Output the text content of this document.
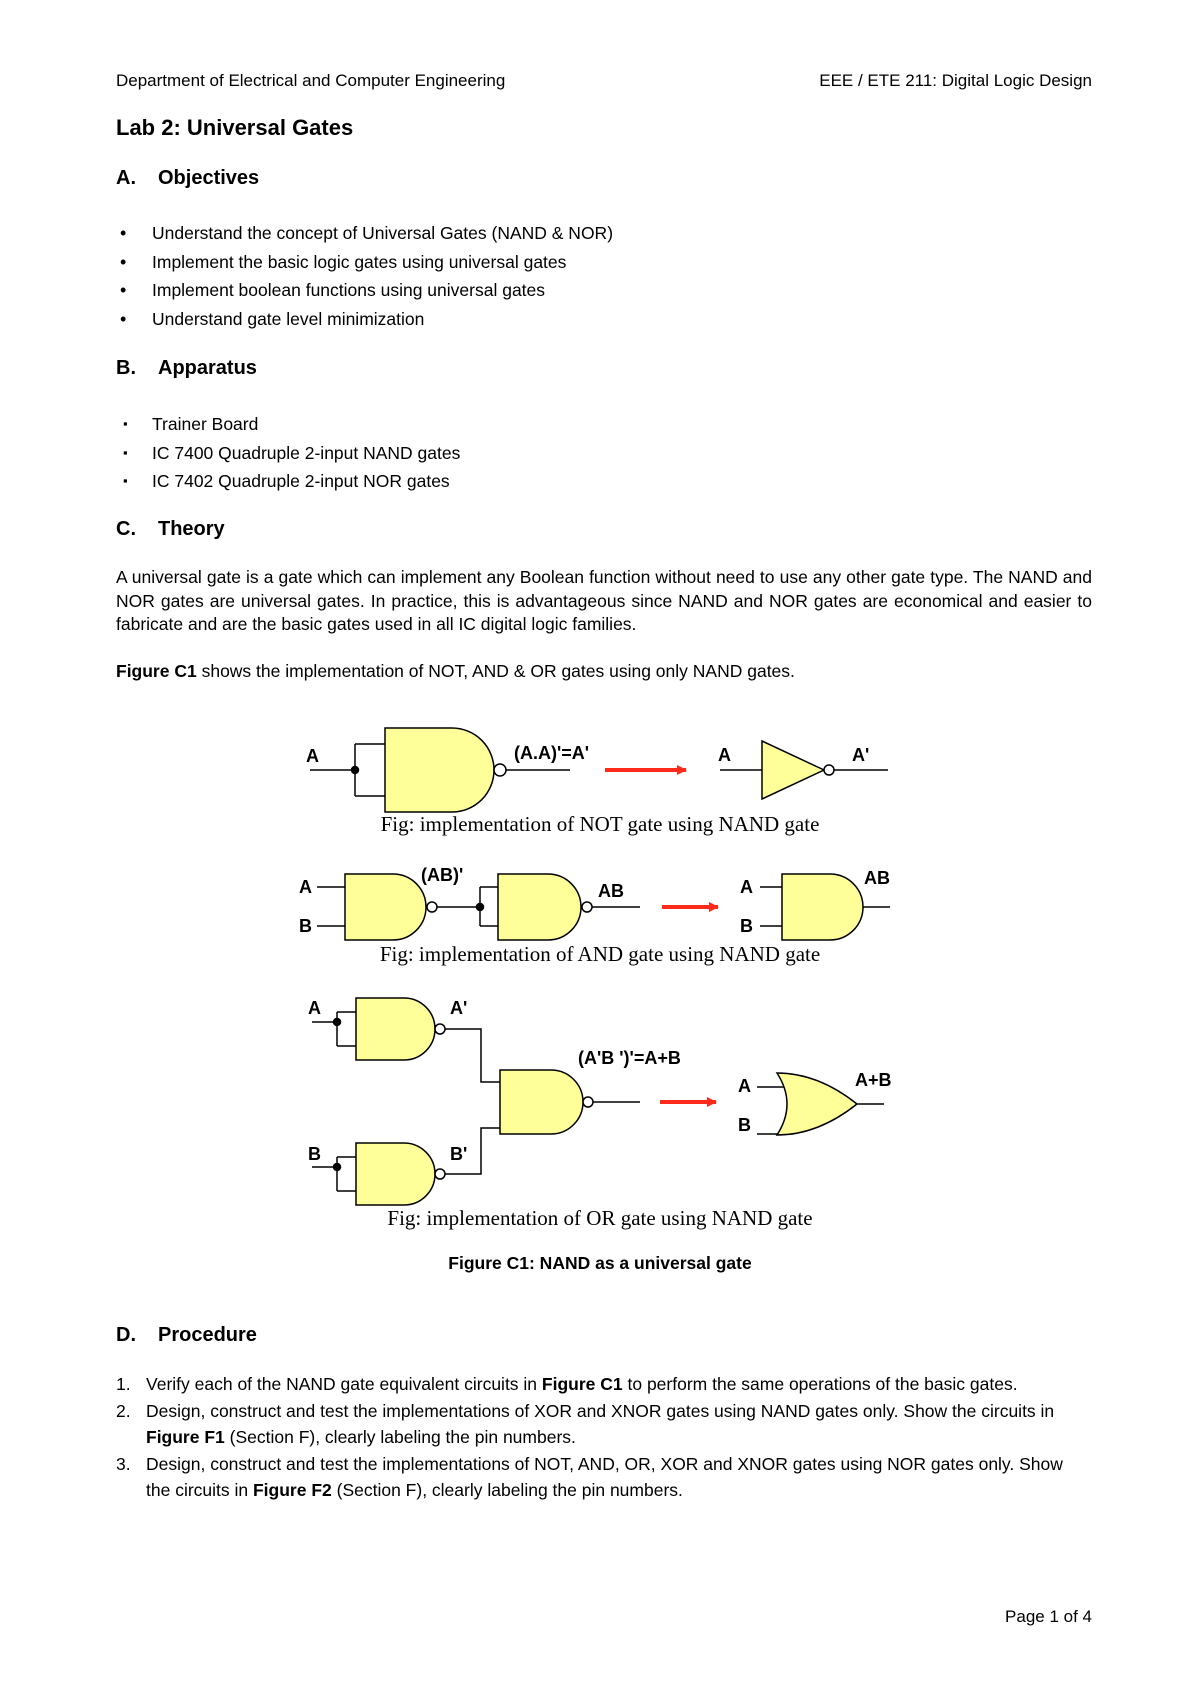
Department of Electrical and Computer Engineering	EEE / ETE 211: Digital Logic Design
Lab 2: Universal Gates
A. Objectives
• Understand the concept of Universal Gates (NAND & NOR)
• Implement the basic logic gates using universal gates
• Implement boolean functions using universal gates
• Understand gate level minimization
B. Apparatus
▪ Trainer Board
▪ IC 7400 Quadruple 2-input NAND gates
▪ IC 7402 Quadruple 2-input NOR gates
C. Theory
A universal gate is a gate which can implement any Boolean function without need to use any other gate type. The NAND and NOR gates are universal gates. In practice, this is advantageous since NAND and NOR gates are economical and easier to fabricate and are the basic gates used in all IC digital logic families.
Figure C1 shows the implementation of NOT, AND & OR gates using only NAND gates.
A	(A.A)'=A'	A	A'
A
B
(AB)'
AB	A
B
AB
A	A'
B	B'
(A'B ')'=A+B
A
B
A+B
Fig: implementation of NOT gate using NAND gate
Fig: implementation of AND gate using NAND gate
Fig: implementation of OR gate using NAND gate
Figure C1: NAND as a universal gate
D. Procedure
1. Verify each of the NAND gate equivalent circuits in Figure C1 to perform the same operations of the basic gates.
2. Design, construct and test the implementations of XOR and XNOR gates using NAND gates only. Show the circuits in Figure F1 (Section F), clearly labeling the pin numbers.
3. Design, construct and test the implementations of NOT, AND, OR, XOR and XNOR gates using NOR gates only. Show the circuits in Figure F2 (Section F), clearly labeling the pin numbers.
Page 1 of 4
